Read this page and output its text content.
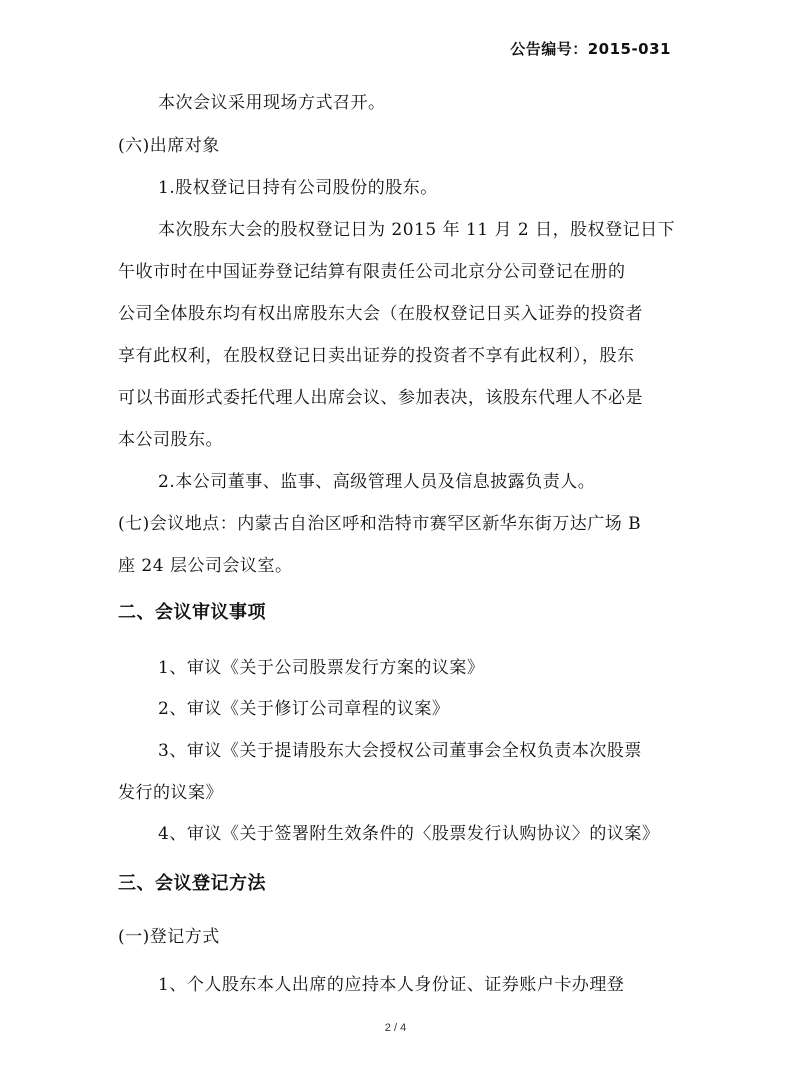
公告编号：2015-031
本次会议采用现场方式召开。
(六)出席对象
1.股权登记日持有公司股份的股东。
本次股东大会的股权登记日为 2015 年 11 月 2 日，股权登记日下
午收市时在中国证券登记结算有限责任公司北京分公司登记在册的
公司全体股东均有权出席股东大会（在股权登记日买入证券的投资者
享有此权利，在股权登记日卖出证券的投资者不享有此权利），股东
可以书面形式委托代理人出席会议、参加表决，该股东代理人不必是
本公司股东。
2.本公司董事、监事、高级管理人员及信息披露负责人。
(七)会议地点：内蒙古自治区呼和浩特市赛罕区新华东街万达广场 B
座 24 层公司会议室。
二、会议审议事项
1、审议《关于公司股票发行方案的议案》
2、审议《关于修订公司章程的议案》
3、审议《关于提请股东大会授权公司董事会全权负责本次股票
发行的议案》
4、审议《关于签署附生效条件的〈股票发行认购协议〉的议案》
三、会议登记方法
(一)登记方式
1、个人股东本人出席的应持本人身份证、证券账户卡办理登
2 / 4
